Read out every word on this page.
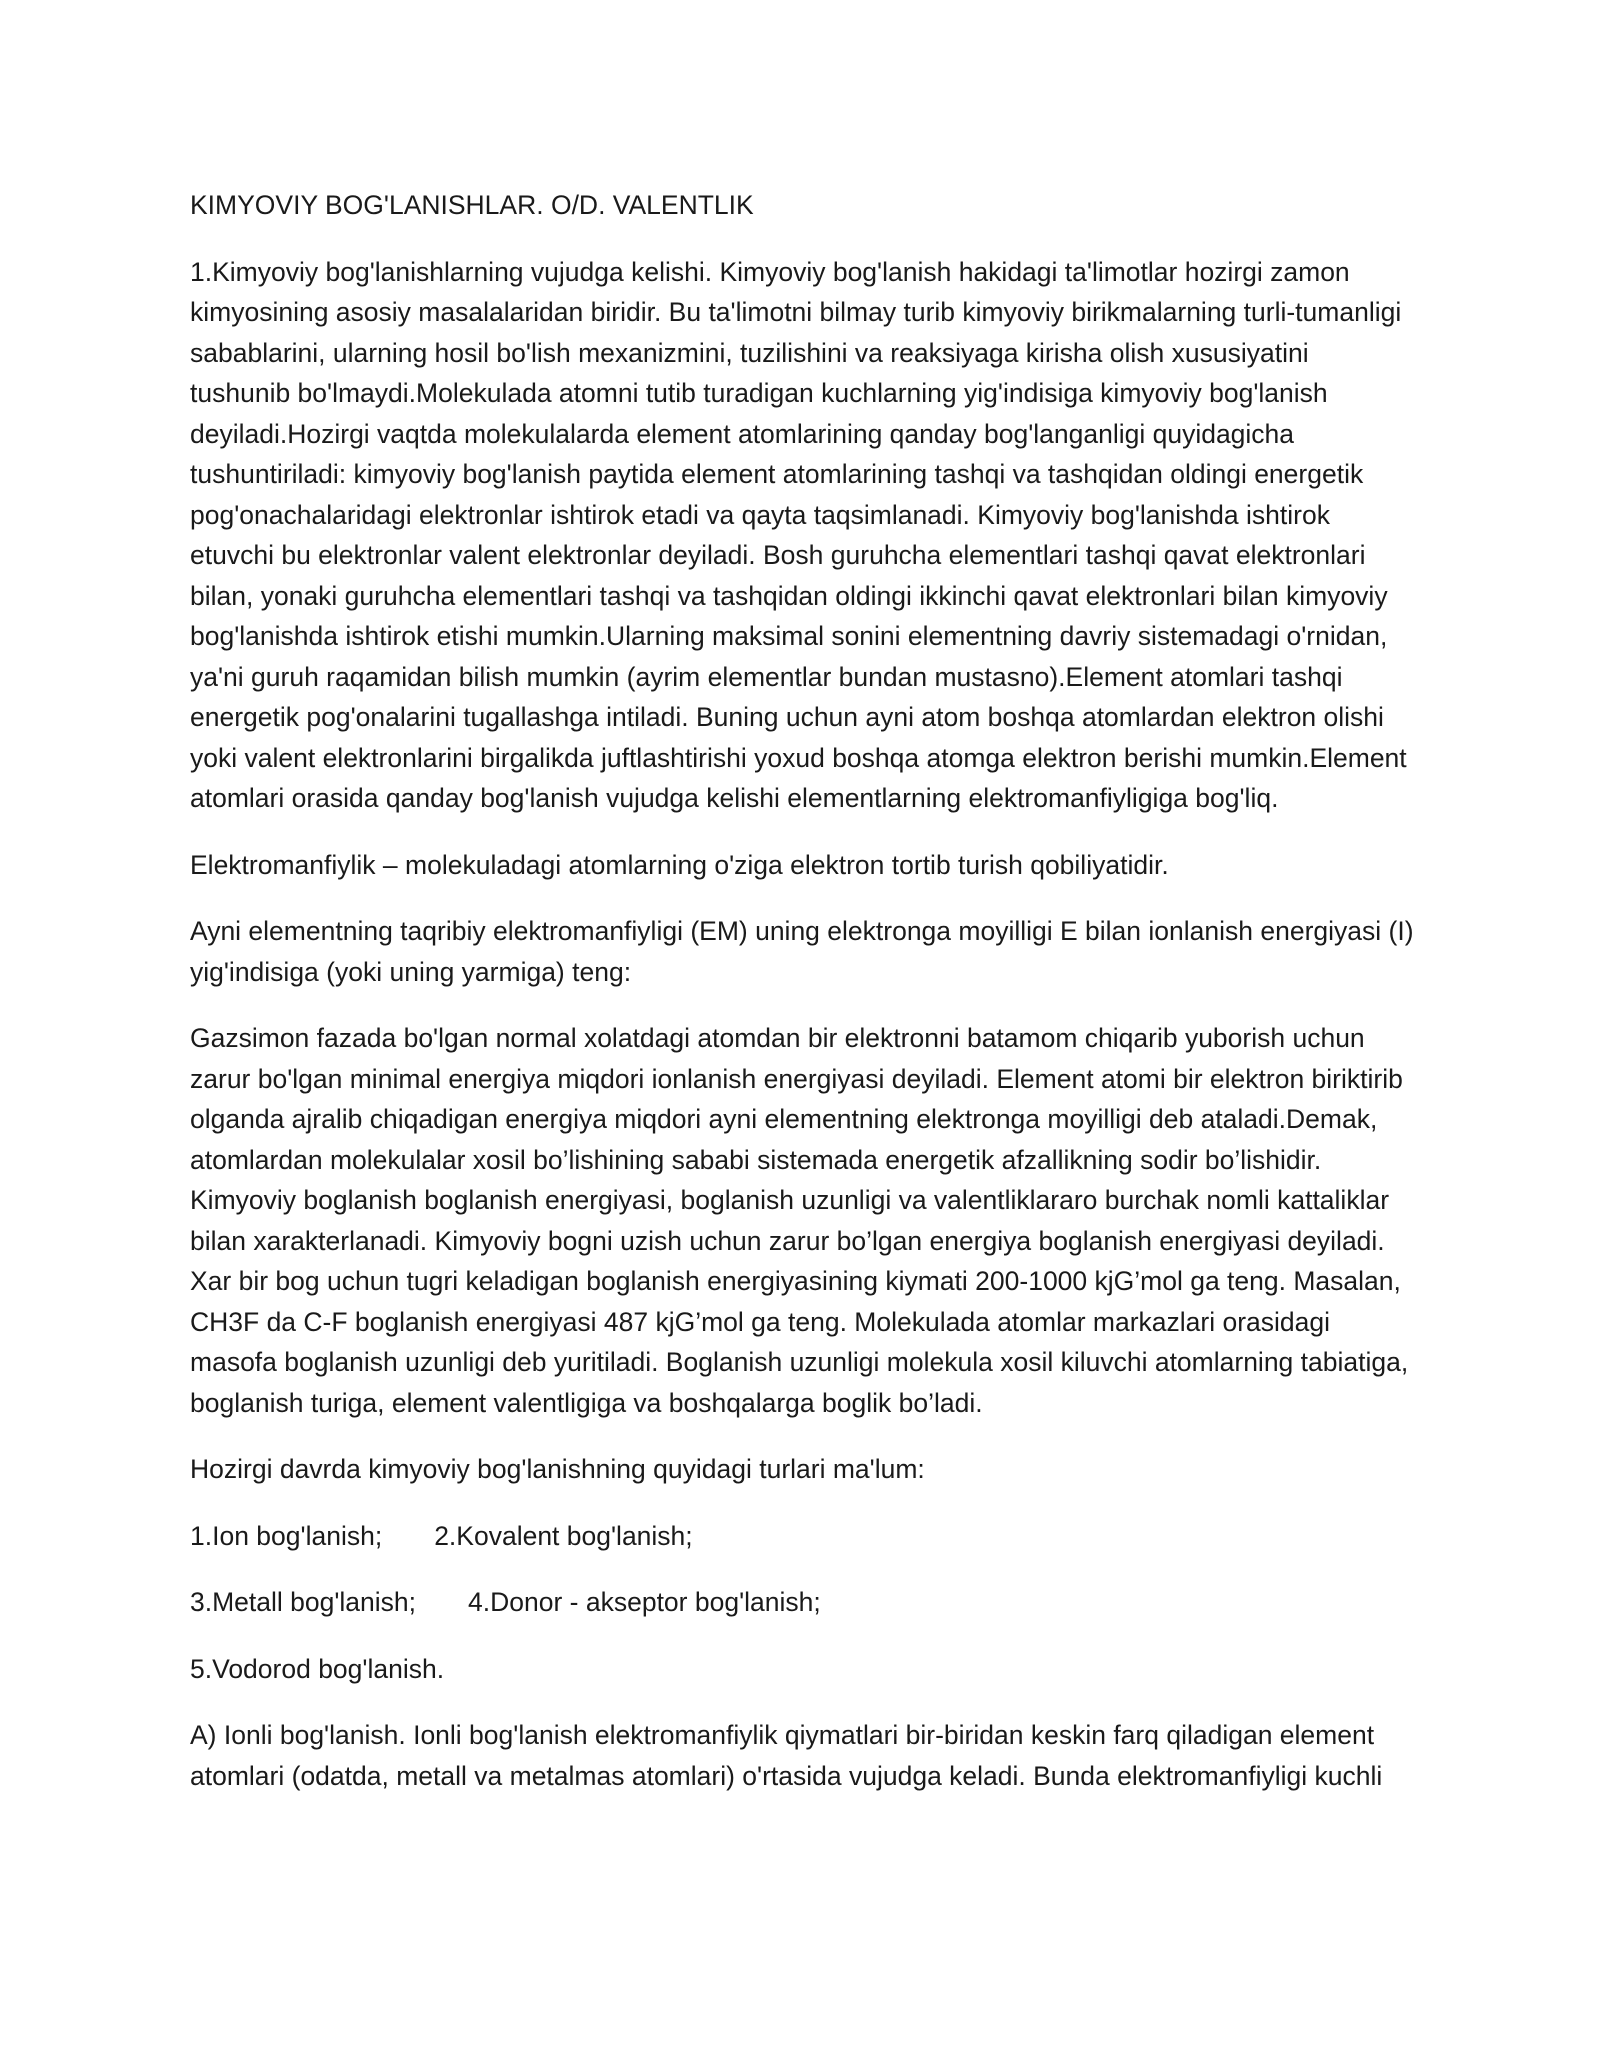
KIMYOVIY BOG'LANISHLAR. O/D. VALENTLIK

1.Kimyoviy bog'lanishlarning vujudga kelishi. Kimyoviy bog'lanish hakidagi ta'limotlar hozirgi zamon kimyosining asosiy masalalaridan biridir. Bu ta'limotni bilmay turib kimyoviy birikmalarning turli-tumanligi sabablarini, ularning hosil bo'lish mexanizmini, tuzilishini va reaksiyaga kirisha olish xususiyatini tushunib bo'lmaydi.Molekulada atomni tutib turadigan kuchlarning yig'indisiga kimyoviy bog'lanish deyiladi.Hozirgi vaqtda molekulalarda element atomlarining qanday bog'langanligi quyidagicha tushuntiriladi: kimyoviy bog'lanish paytida element atomlarining tashqi va tashqidan oldingi energetik pog'onachalaridagi elektronlar ishtirok etadi va qayta taqsimlanadi. Kimyoviy bog'lanishda ishtirok etuvchi bu elektronlar valent elektronlar deyiladi. Bosh guruhcha elementlari tashqi qavat elektronlari bilan, yonaki guruhcha elementlari tashqi va tashqidan oldingi ikkinchi qavat elektronlari bilan kimyoviy bog'lanishda ishtirok etishi mumkin.Ularning maksimal sonini elementning davriy sistemadagi o'rnidan, ya'ni guruh raqamidan bilish mumkin (ayrim elementlar bundan mustasno).Element atomlari tashqi energetik pog'onalarini tugallashga intiladi. Buning uchun ayni atom boshqa atomlardan elektron olishi yoki valent elektronlarini birgalikda juftlashtirishi yoxud boshqa atomga elektron berishi mumkin.Element atomlari orasida qanday bog'lanish vujudga kelishi elementlarning elektromanfiyligiga bog'liq.

Elektromanfiylik – molekuladagi atomlarning o'ziga elektron tortib turish qobiliyatidir.

Ayni elementning taqribiy elektromanfiyligi (EM) uning elektronga moyilligi E bilan ionlanish energiyasi (I) yig'indisiga (yoki uning yarmiga) teng:

Gazsimon fazada bo'lgan normal xolatdagi atomdan bir elektronni batamom chiqarib yuborish uchun zarur bo'lgan minimal energiya miqdori ionlanish energiyasi deyiladi. Element atomi bir elektron biriktirib olganda ajralib chiqadigan energiya miqdori ayni elementning elektronga moyilligi deb ataladi.Demak, atomlardan molekulalar xosil bo’lishining sababi sistemada energetik afzallikning sodir bo’lishidir. Kimyoviy boglanish boglanish energiyasi, boglanish uzunligi va valentliklararo burchak nomli kattaliklar bilan xarakterlanadi. Kimyoviy bogni uzish uchun zarur bo’lgan energiya boglanish energiyasi deyiladi. Xar bir bog uchun tugri keladigan boglanish energiyasining kiymati 200-1000 kjG’mol ga teng. Masalan, CH3F da C-F boglanish energiyasi 487 kjG’mol ga teng. Molekulada atomlar markazlari orasidagi masofa boglanish uzunligi deb yuritiladi. Boglanish uzunligi molekula xosil kiluvchi atomlarning tabiatiga, boglanish turiga, element valentligiga va boshqalarga boglik bo’ladi.

Hozirgi davrda kimyoviy bog'lanishning quyidagi turlari ma'lum:

1.Ion bog'lanish; 2.Kovalent bog'lanish;

3.Metall bog'lanish; 4.Donor - akseptor bog'lanish;

5.Vodorod bog'lanish.

A) Ionli bog'lanish. Ionli bog'lanish elektromanfiylik qiymatlari bir-biridan keskin farq qiladigan element atomlari (odatda, metall va metalmas atomlari) o'rtasida vujudga keladi. Bunda elektromanfiyligi kuchli
